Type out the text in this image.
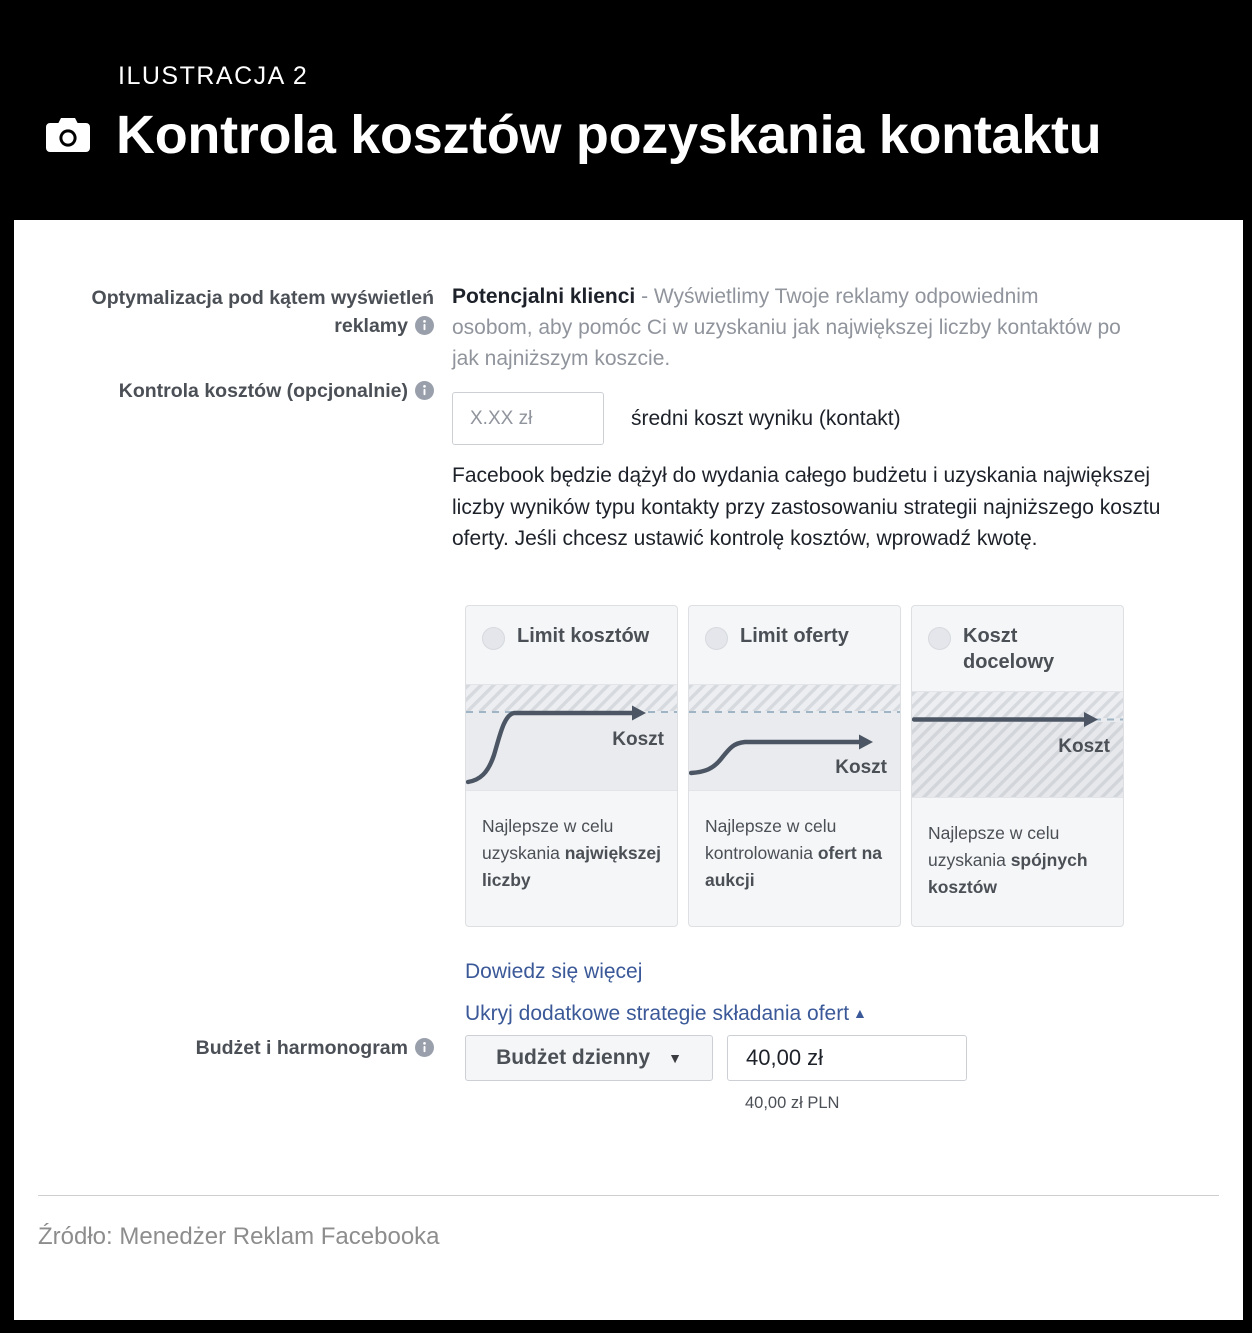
ILUSTRACJA 2
Kontrola kosztów pozyskania kontaktu
Optymalizacja pod kątem wyświetleń reklamy
Kontrola kosztów (opcjonalnie)
Budżet i harmonogram
Potencjalni klienci - Wyświetlimy Twoje reklamy odpowiednim osobom, aby pomóc Ci w uzyskaniu jak największej liczby kontaktów po jak najniższym koszcie.
X.XX zł	średni koszt wyniku (kontakt)
Facebook będzie dążył do wydania całego budżetu i uzyskania największej liczby wyników typu kontakty przy zastosowaniu strategii najniższego kosztu oferty. Jeśli chcesz ustawić kontrolę kosztów, wprowadź kwotę.
Limit kosztów
Koszt
Najlepsze w celu uzyskania największej liczby
Limit oferty
Koszt
Najlepsze w celu kontrolowania ofert na aukcji
Koszt docelowy
Koszt
Najlepsze w celu uzyskania spójnych kosztów
Dowiedz się więcej
Ukryj dodatkowe strategie składania ofert ▲
Budżet dzienny ▼	40,00 zł
40,00 zł PLN
Źródło: Menedżer Reklam Facebooka
